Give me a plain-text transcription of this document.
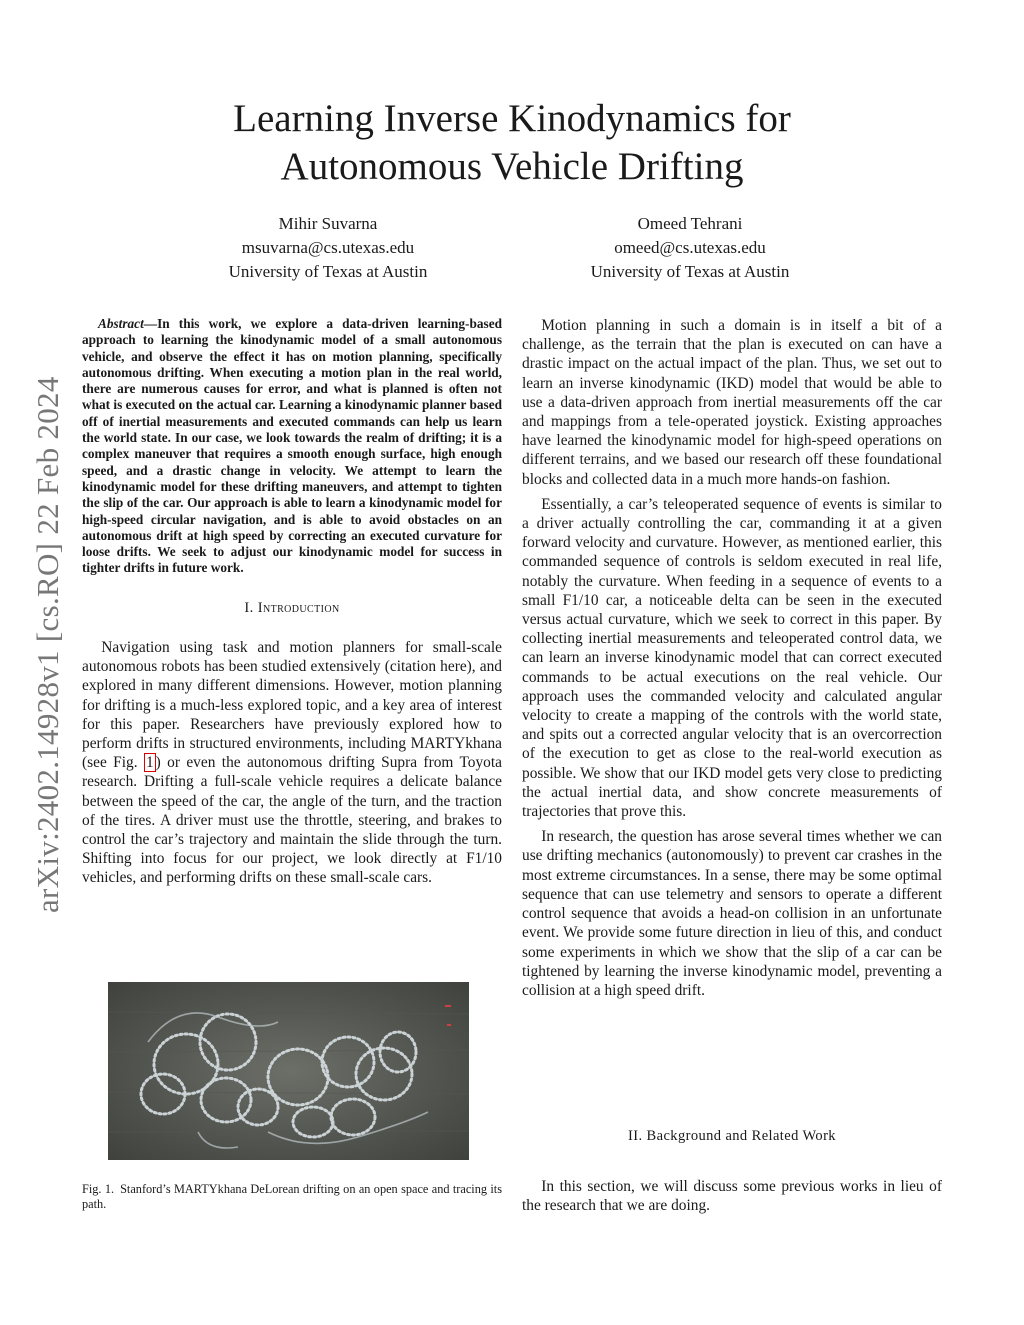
arXiv:2402.14928v1 [cs.RO] 22 Feb 2024
Learning Inverse Kinodynamics for
Autonomous Vehicle Drifting
Mihir Suvarna
msuvarna@cs.utexas.edu
University of Texas at Austin
Omeed Tehrani
omeed@cs.utexas.edu
University of Texas at Austin

Abstract—In this work, we explore a data-driven learning-based approach to learning the kinodynamic model of a small autonomous vehicle, and observe the effect it has on motion planning, specifically autonomous drifting. When executing a motion plan in the real world, there are numerous causes for error, and what is planned is often not what is executed on the actual car. Learning a kinodynamic planner based off of inertial measurements and executed commands can help us learn the world state. In our case, we look towards the realm of drifting; it is a complex maneuver that requires a smooth enough surface, high enough speed, and a drastic change in velocity. We attempt to learn the kinodynamic model for these drifting maneuvers, and attempt to tighten the slip of the car. Our approach is able to learn a kinodynamic model for high-speed circular navigation, and is able to avoid obstacles on an autonomous drift at high speed by correcting an executed curvature for loose drifts. We seek to adjust our kinodynamic model for success in tighter drifts in future work.

I. Introduction

Navigation using task and motion planners for small-scale autonomous robots has been studied extensively (citation here), and explored in many different dimensions. However, motion planning for drifting is a much-less explored topic, and a key area of interest for this paper. Researchers have previously explored how to perform drifts in structured environments, including MARTYkhana (see Fig. 1 ) or even the autonomous drifting Supra from Toyota research. Drifting a full-scale vehicle requires a delicate balance between the speed of the car, the angle of the turn, and the traction of the tires. A driver must use the throttle, steering, and brakes to control the car’s trajectory and maintain the slide through the turn. Shifting into focus for our project, we look directly at F1/10 vehicles, and performing drifts on these small-scale cars.

Fig. 1. Stanford’s MARTYkhana DeLorean drifting on an open space and tracing its path.

Motion planning in such a domain is in itself a bit of a challenge, as the terrain that the plan is executed on can have a drastic impact on the actual impact of the plan. Thus, we set out to learn an inverse kinodynamic (IKD) model that would be able to use a data-driven approach from inertial measurements off the car and mappings from a tele-operated joystick. Existing approaches have learned the kinodynamic model for high-speed operations on different terrains, and we based our research off these foundational blocks and collected data in a much more hands-on fashion.

Essentially, a car’s teleoperated sequence of events is similar to a driver actually controlling the car, commanding it at a given forward velocity and curvature. However, as mentioned earlier, this commanded sequence of controls is seldom executed in real life, notably the curvature. When feeding in a sequence of events to a small F1/10 car, a noticeable delta can be seen in the executed versus actual curvature, which we seek to correct in this paper. By collecting inertial measurements and teleoperated control data, we can learn an inverse kinodynamic model that can correct executed commands to be actual executions on the real vehicle. Our approach uses the commanded velocity and calculated angular velocity to create a mapping of the controls with the world state, and spits out a corrected angular velocity that is an overcorrection of the execution to get as close to the real-world execution as possible. We show that our IKD model gets very close to predicting the actual inertial data, and show concrete measurements of trajectories that prove this.

In research, the question has arose several times whether we can use drifting mechanics (autonomously) to prevent car crashes in the most extreme circumstances. In a sense, there may be some optimal sequence that can use telemetry and sensors to operate a different control sequence that avoids a head-on collision in an unfortunate event. We provide some future direction in lieu of this, and conduct some experiments in which we show that the slip of a car can be tightened by learning the inverse kinodynamic model, preventing a collision at a high speed drift.

II. Background and Related Work
In this section, we will discuss some previous works in lieu of the research that we are doing.
